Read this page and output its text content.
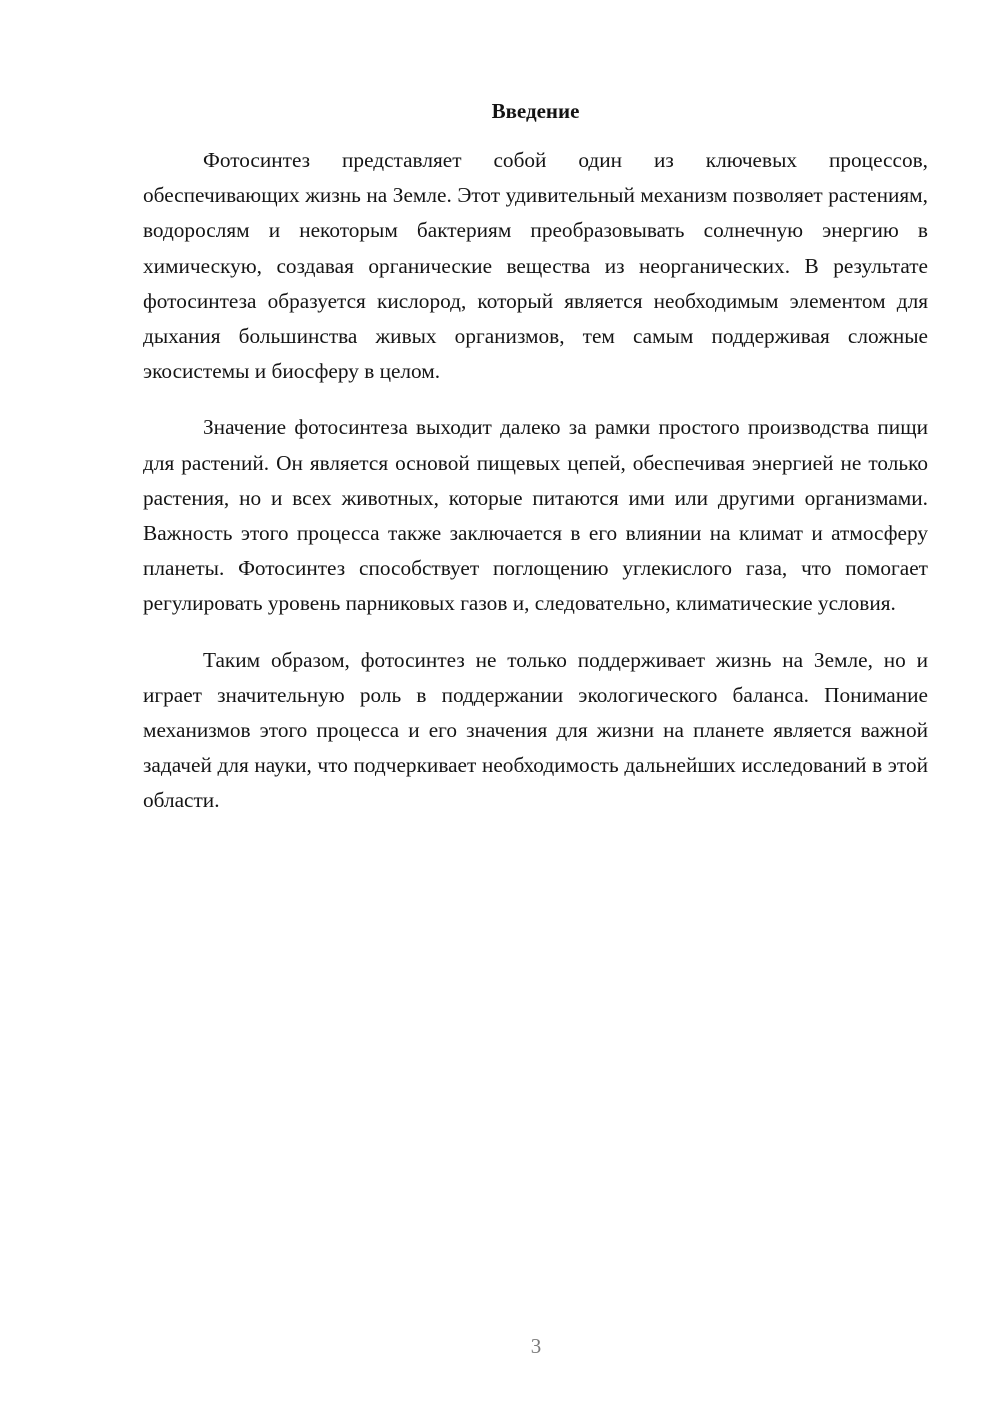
Введение

Фотосинтез представляет собой один из ключевых процессов, обеспечивающих жизнь на Земле. Этот удивительный механизм позволяет растениям, водорослям и некоторым бактериям преобразовывать солнечную энергию в химическую, создавая органические вещества из неорганических. В результате фотосинтеза образуется кислород, который является необходимым элементом для дыхания большинства живых организмов, тем самым поддерживая сложные экосистемы и биосферу в целом.

Значение фотосинтеза выходит далеко за рамки простого производства пищи для растений. Он является основой пищевых цепей, обеспечивая энергией не только растения, но и всех животных, которые питаются ими или другими организмами. Важность этого процесса также заключается в его влиянии на климат и атмосферу планеты. Фотосинтез способствует поглощению углекислого газа, что помогает регулировать уровень парниковых газов и, следовательно, климатические условия.

Таким образом, фотосинтез не только поддерживает жизнь на Земле, но и играет значительную роль в поддержании экологического баланса. Понимание механизмов этого процесса и его значения для жизни на планете является важной задачей для науки, что подчеркивает необходимость дальнейших исследований в этой области.

3
